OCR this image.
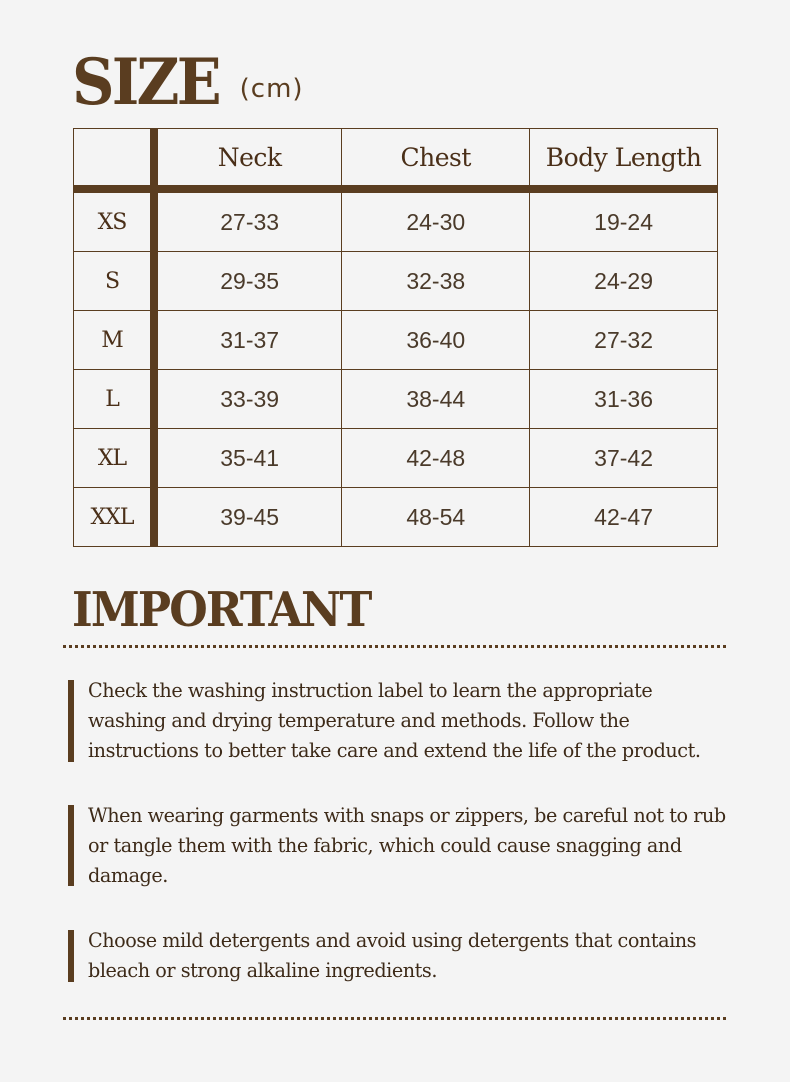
SIZE (cm)
	Neck	Chest	Body Length
XS	27-33	24-30	19-24
S	29-35	32-38	24-29
M	31-37	36-40	27-32
L	33-39	38-44	31-36
XL	35-41	42-48	37-42
XXL	39-45	48-54	42-47
IMPORTANT
Check the washing instruction label to learn the appropriate washing and drying temperature and methods. Follow the instructions to better take care and extend the life of the product.
When wearing garments with snaps or zippers, be careful not to rub or tangle them with the fabric, which could cause snagging and damage.
Choose mild detergents and avoid using detergents that contains bleach or strong alkaline ingredients.
